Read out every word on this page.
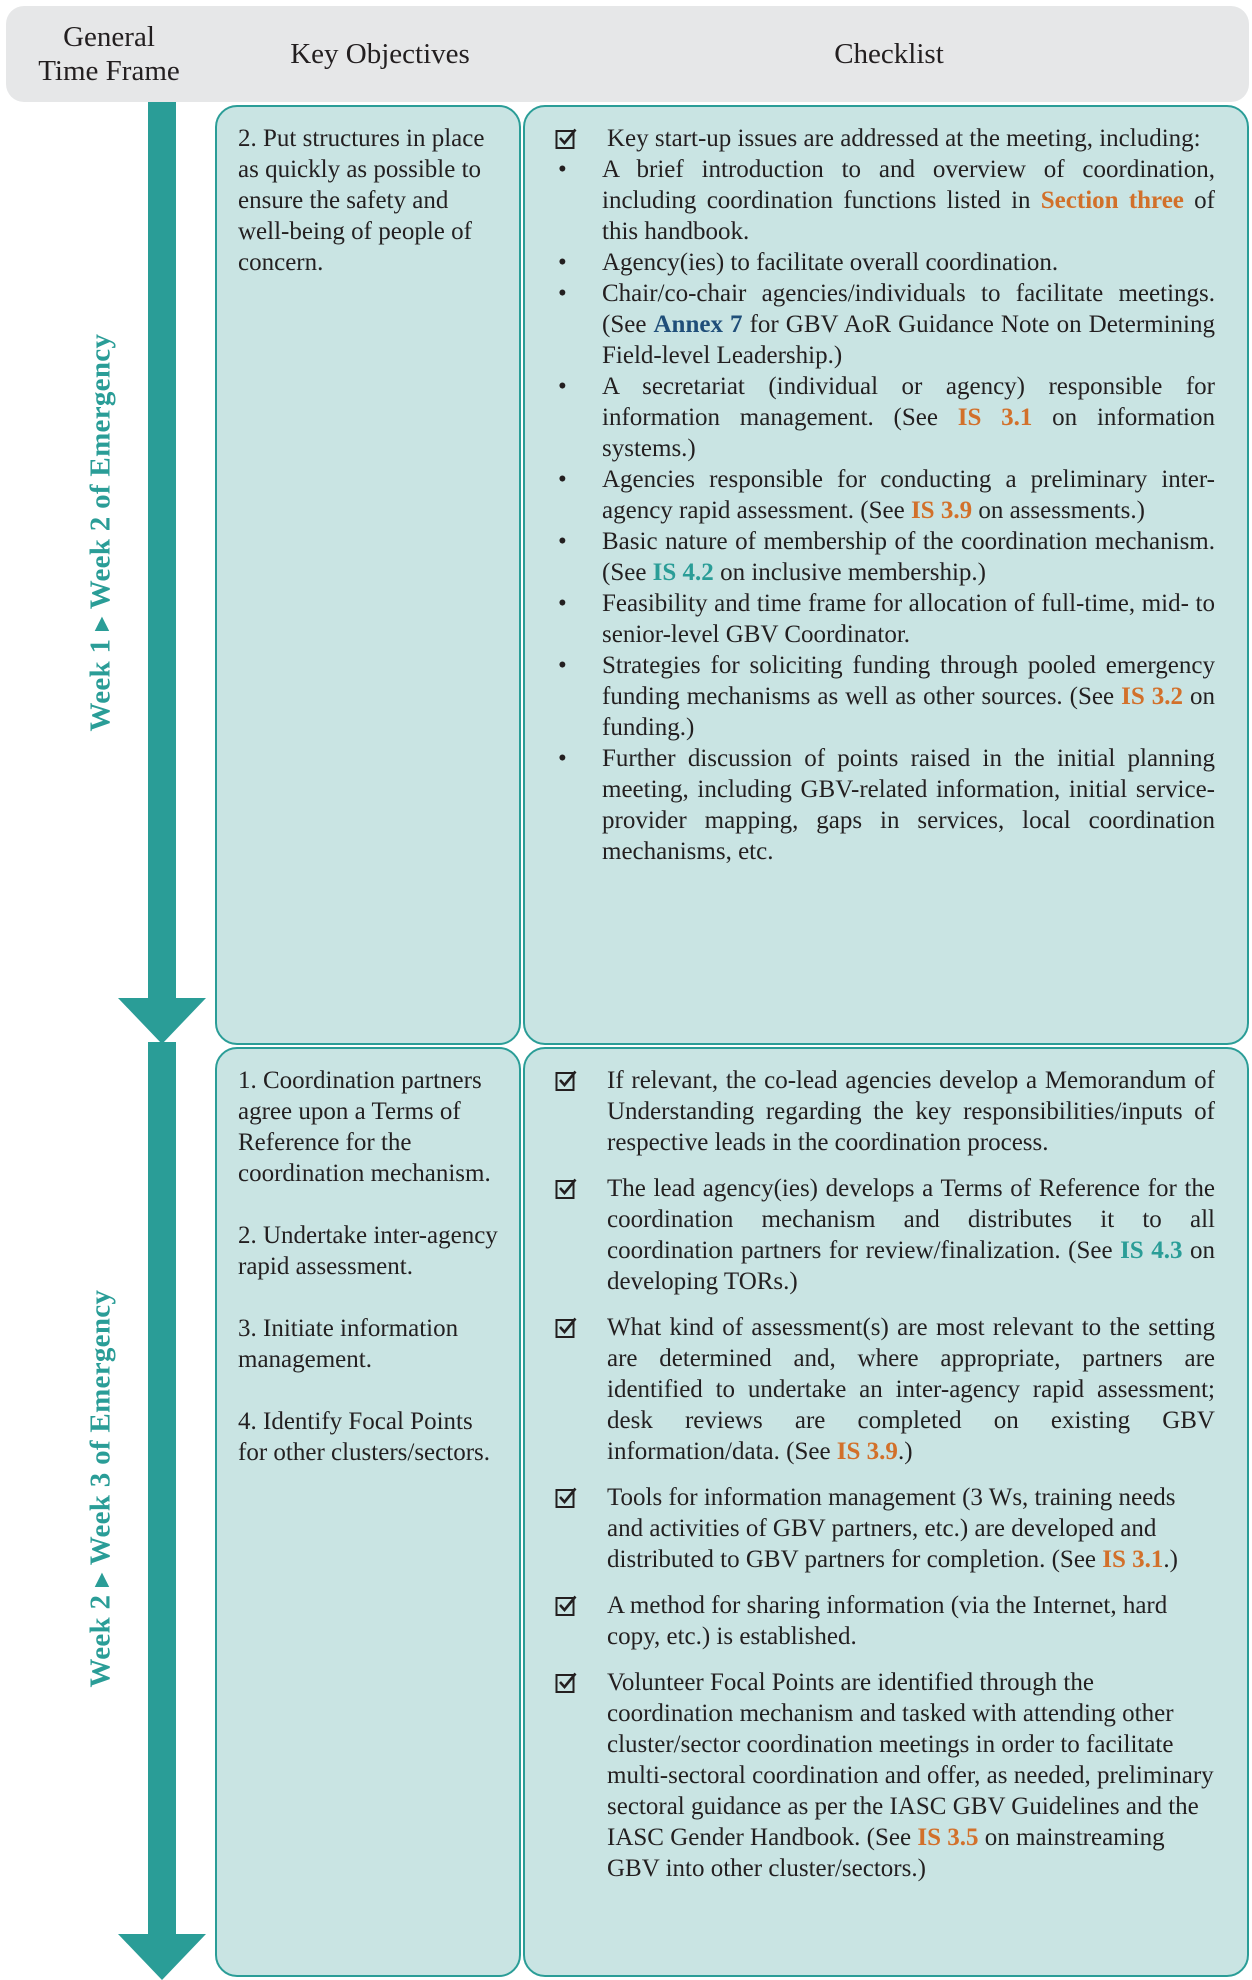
General Time Frame
Key Objectives	Checklist
Week 1 ▸ Week 2 of Emergency
Week 2 ▸ Week 3 of Emergency

2. Put structures in place as quickly as possible to ensure the safety and well-being of people of concern.

Key start-up issues are addressed at the meeting, including:
• A brief introduction to and overview of coordination, including coordination functions listed in Section three of this handbook.
• Agency(ies) to facilitate overall coordination.
• Chair/co-chair agencies/individuals to facilitate meetings. (See Annex 7 for GBV AoR Guidance Note on Determining Field-level Leadership.)
• A secretariat (individual or agency) responsible for information management. (See IS 3.1 on information systems.)
• Agencies responsible for conducting a preliminary inter-agency rapid assessment. (See IS 3.9 on assessments.)
• Basic nature of membership of the coordination mechanism. (See IS 4.2 on inclusive membership.)
• Feasibility and time frame for allocation of full-time, mid- to senior-level GBV Coordinator.
• Strategies for soliciting funding through pooled emergency funding mechanisms as well as other sources. (See IS 3.2 on funding.)
• Further discussion of points raised in the initial planning meeting, including GBV-related information, initial service-provider mapping, gaps in services, local coordination mechanisms, etc.

1. Coordination partners agree upon a Terms of Reference for the coordination mechanism.

2. Undertake inter-agency rapid assessment.

3. Initiate information management.

4. Identify Focal Points for other clusters/sectors.

If relevant, the co-lead agencies develop a Memorandum of Understanding regarding the key responsibilities/inputs of respective leads in the coordination process.
The lead agency(ies) develops a Terms of Reference for the coordination mechanism and distributes it to all coordination partners for review/finalization. (See IS 4.3 on developing TORs.)
What kind of assessment(s) are most relevant to the setting are determined and, where appropriate, partners are identified to undertake an inter-agency rapid assessment; desk reviews are completed on existing GBV information/data. (See IS 3.9.)
Tools for information management (3 Ws, training needs and activities of GBV partners, etc.) are developed and distributed to GBV partners for completion. (See IS 3.1.)
A method for sharing information (via the Internet, hard copy, etc.) is established.
Volunteer Focal Points are identified through the coordination mechanism and tasked with attending other cluster/sector coordination meetings in order to facilitate multi-sectoral coordination and offer, as needed, preliminary sectoral guidance as per the IASC GBV Guidelines and the IASC Gender Handbook. (See IS 3.5 on mainstreaming GBV into other cluster/sectors.)
